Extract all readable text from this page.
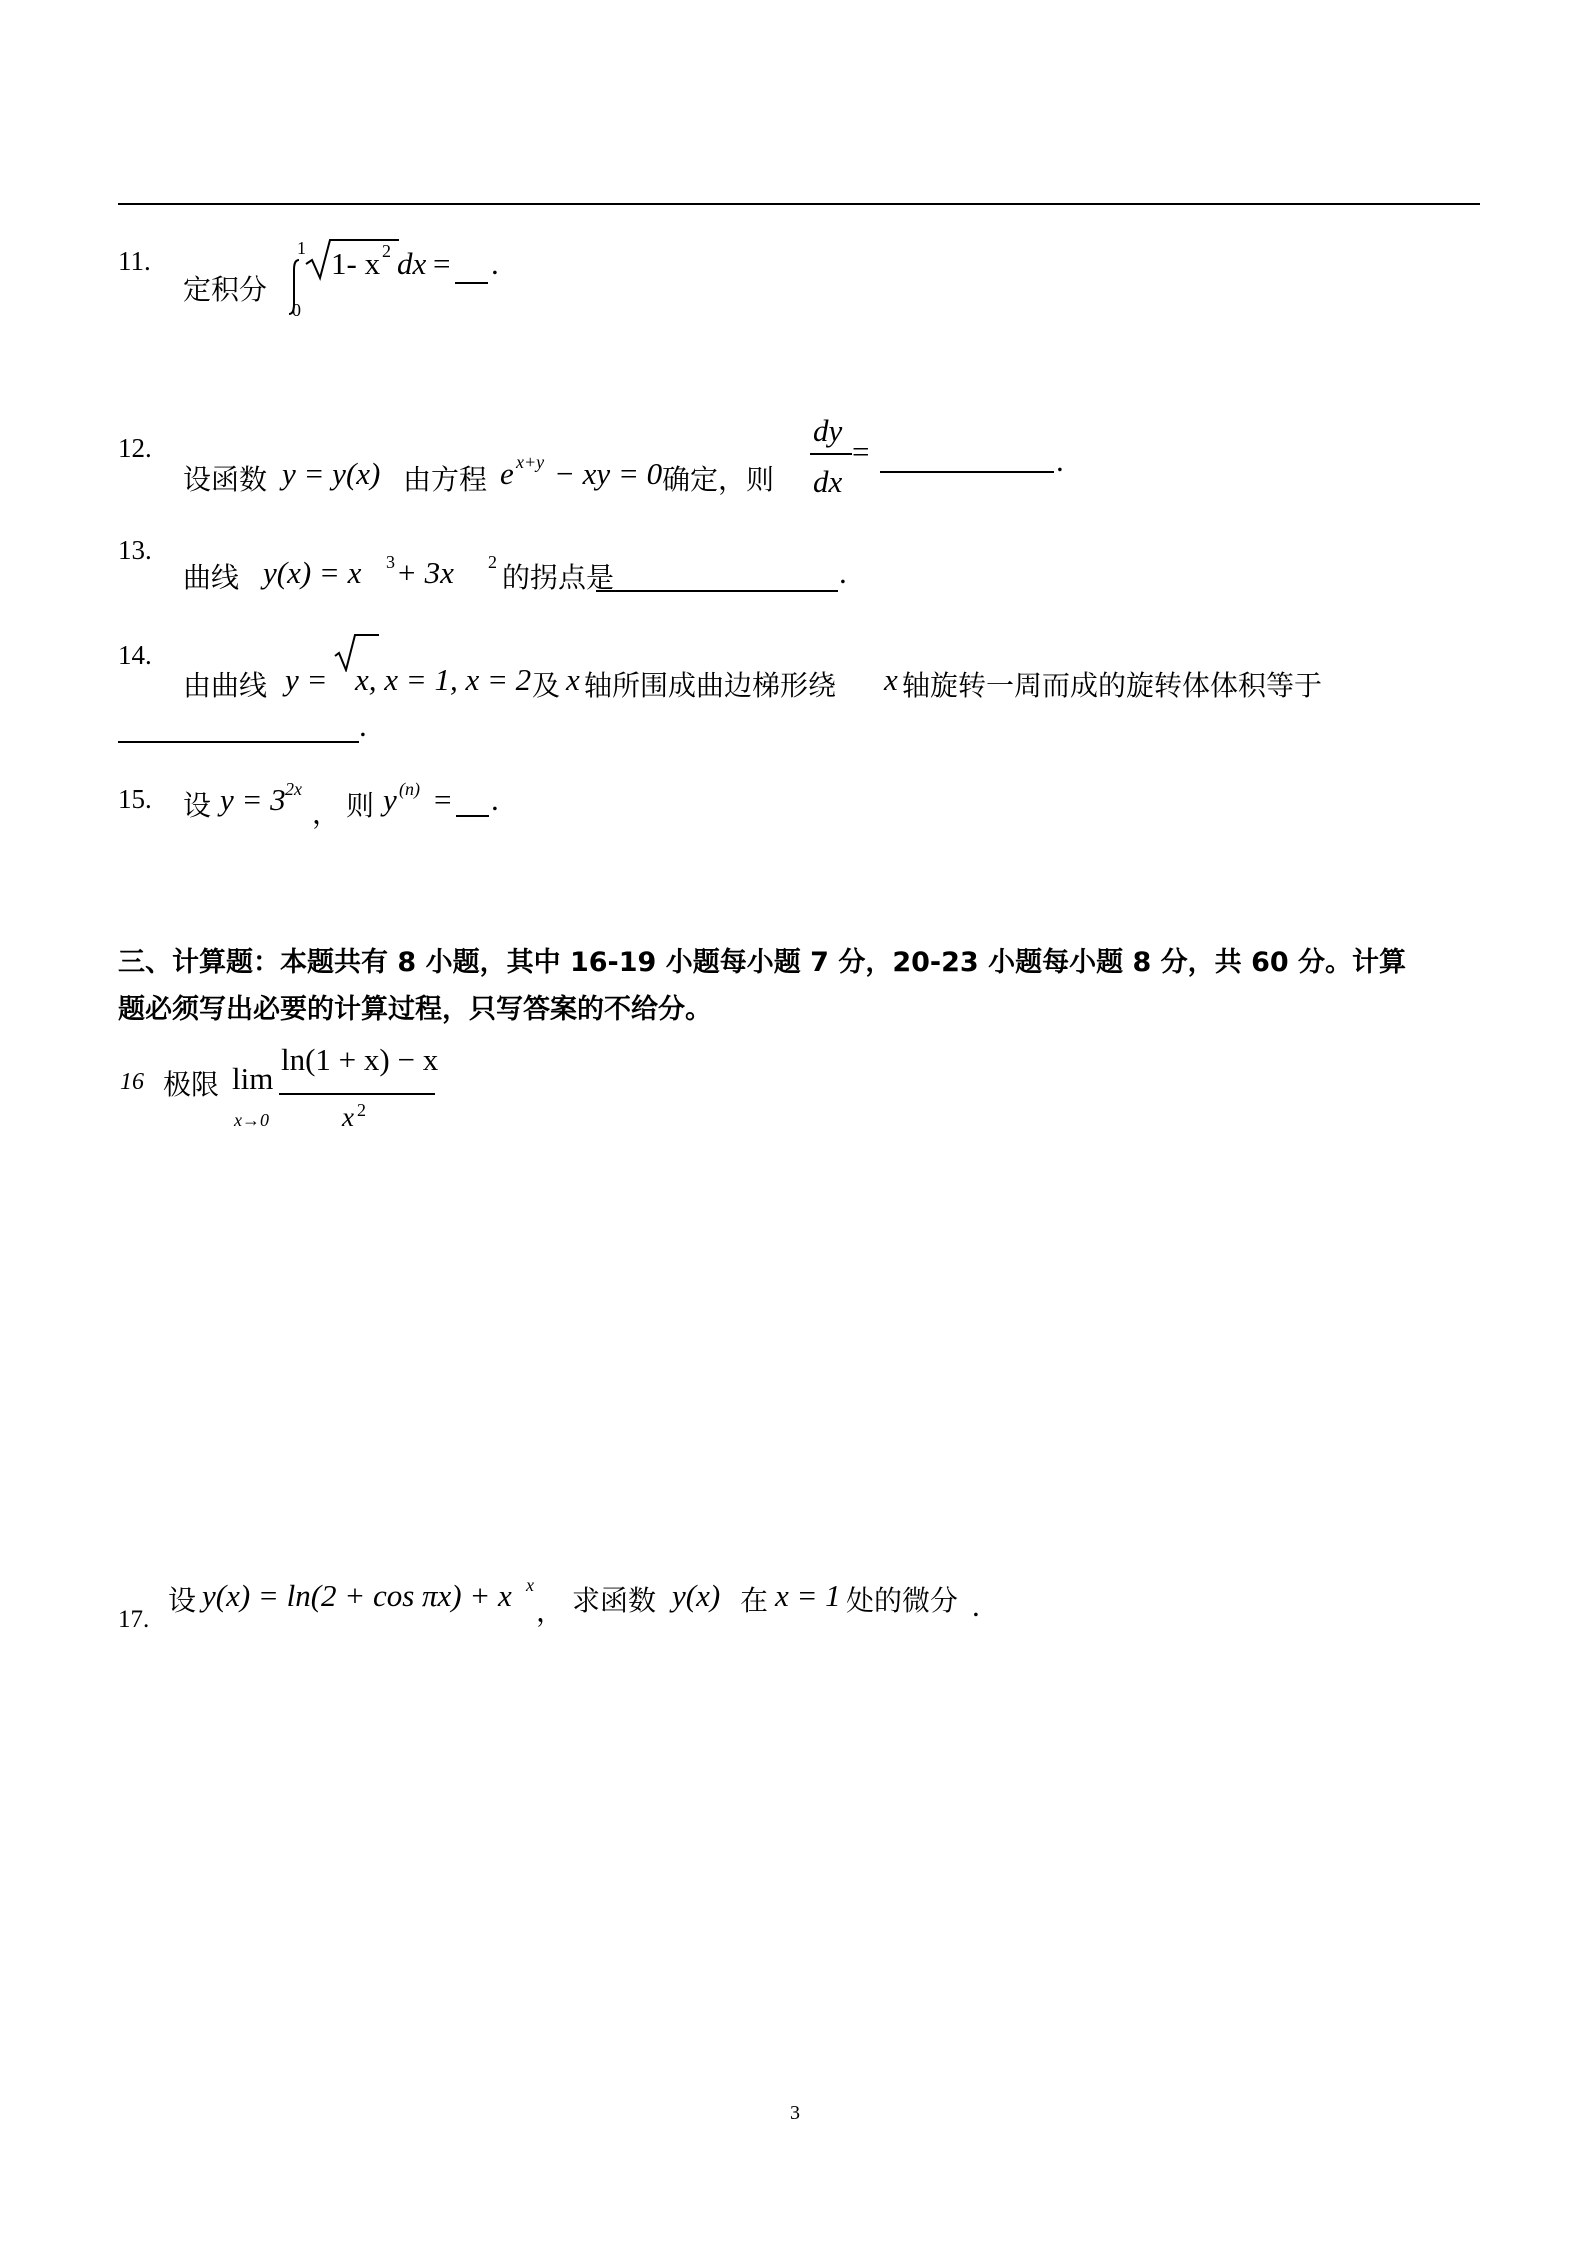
11.
定积分
1
0
1- x 2 dx = .
12.
设函数 y = y(x) 由方程 e x+y − xy = 0 确定，则
dy
dx
=	.
13.
曲线 y(x) = x 3 + 3x 2 的拐点是	.
14.
由曲线 y = x, x = 1, x = 2 及 x 轴所围成曲边梯形绕 x 轴旋转一周而成的旋转体体积等于
.
15. 设 y = 3 2x
， 则 y (n) = .
三、计算题：本题共有 8 小题，其中 16-19 小题每小题 7 分，20-23 小题每小题 8 分，共 60 分。计算
题必须写出必要的计算过程，只写答案的不给分。
16 极限 lim
x→0
ln(1 + x) − x
x 2
17.
设 y(x) = ln(2 + cos πx) + x x
， 求函数 y(x) 在 x = 1 处的微分 .
3
